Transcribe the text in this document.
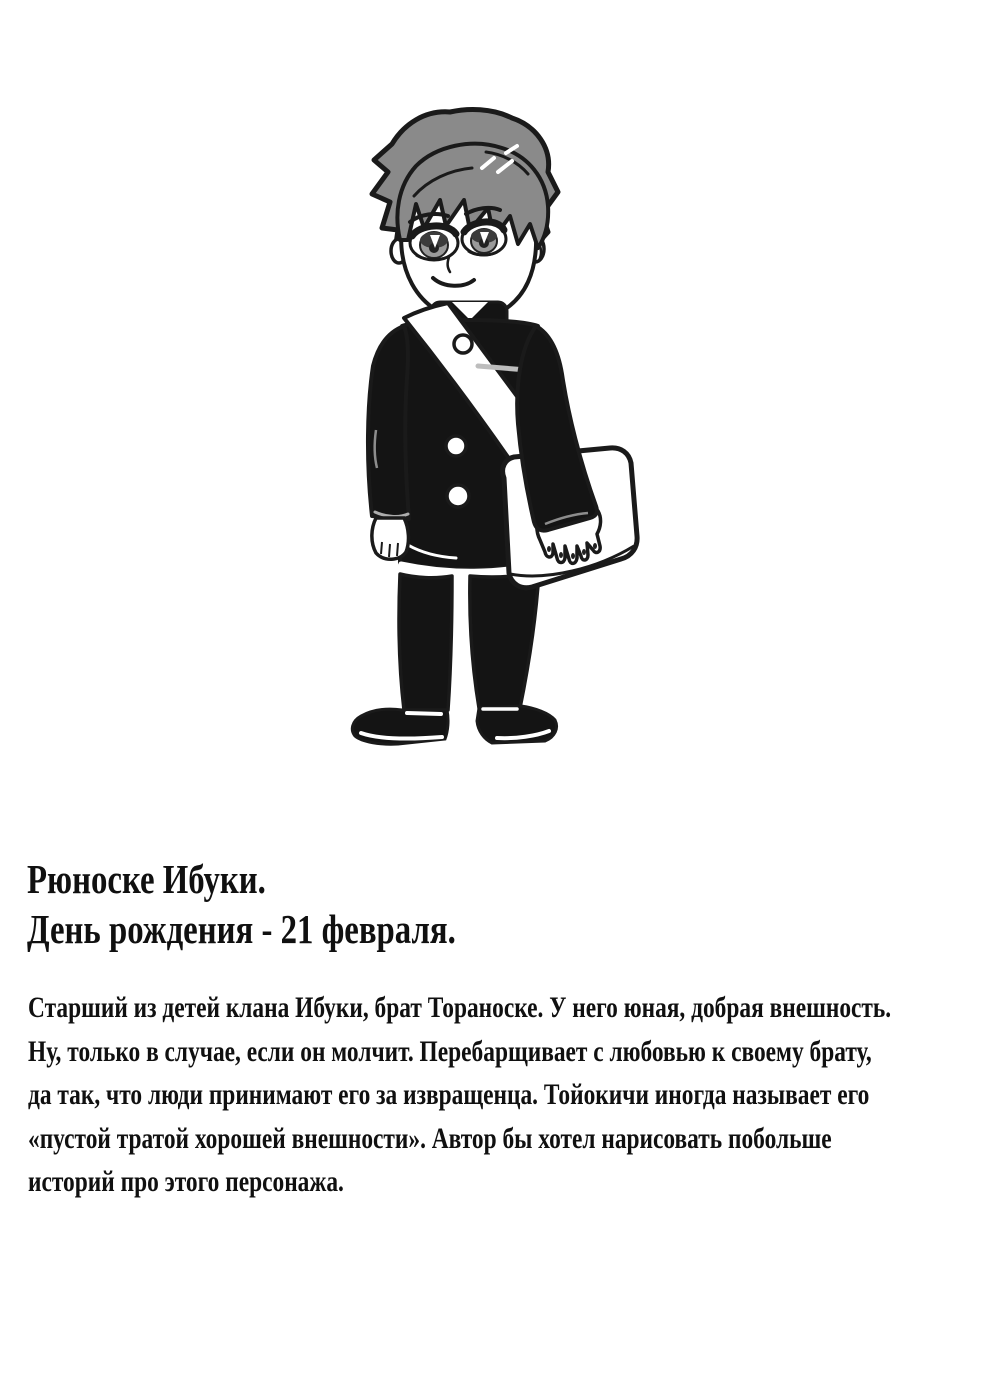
Рюноске Ибуки.
День рождения - 21 февраля.
Старший из детей клана Ибуки, брат Тораноске. У него юная, добрая внешность.
Ну, только в случае, если он молчит. Перебарщивает с любовью к своему брату,
да так, что люди принимают его за извращенца. Тойокичи иногда называет его
«пустой тратой хорошей внешности». Автор бы хотел нарисовать побольше
историй про этого персонажа.
